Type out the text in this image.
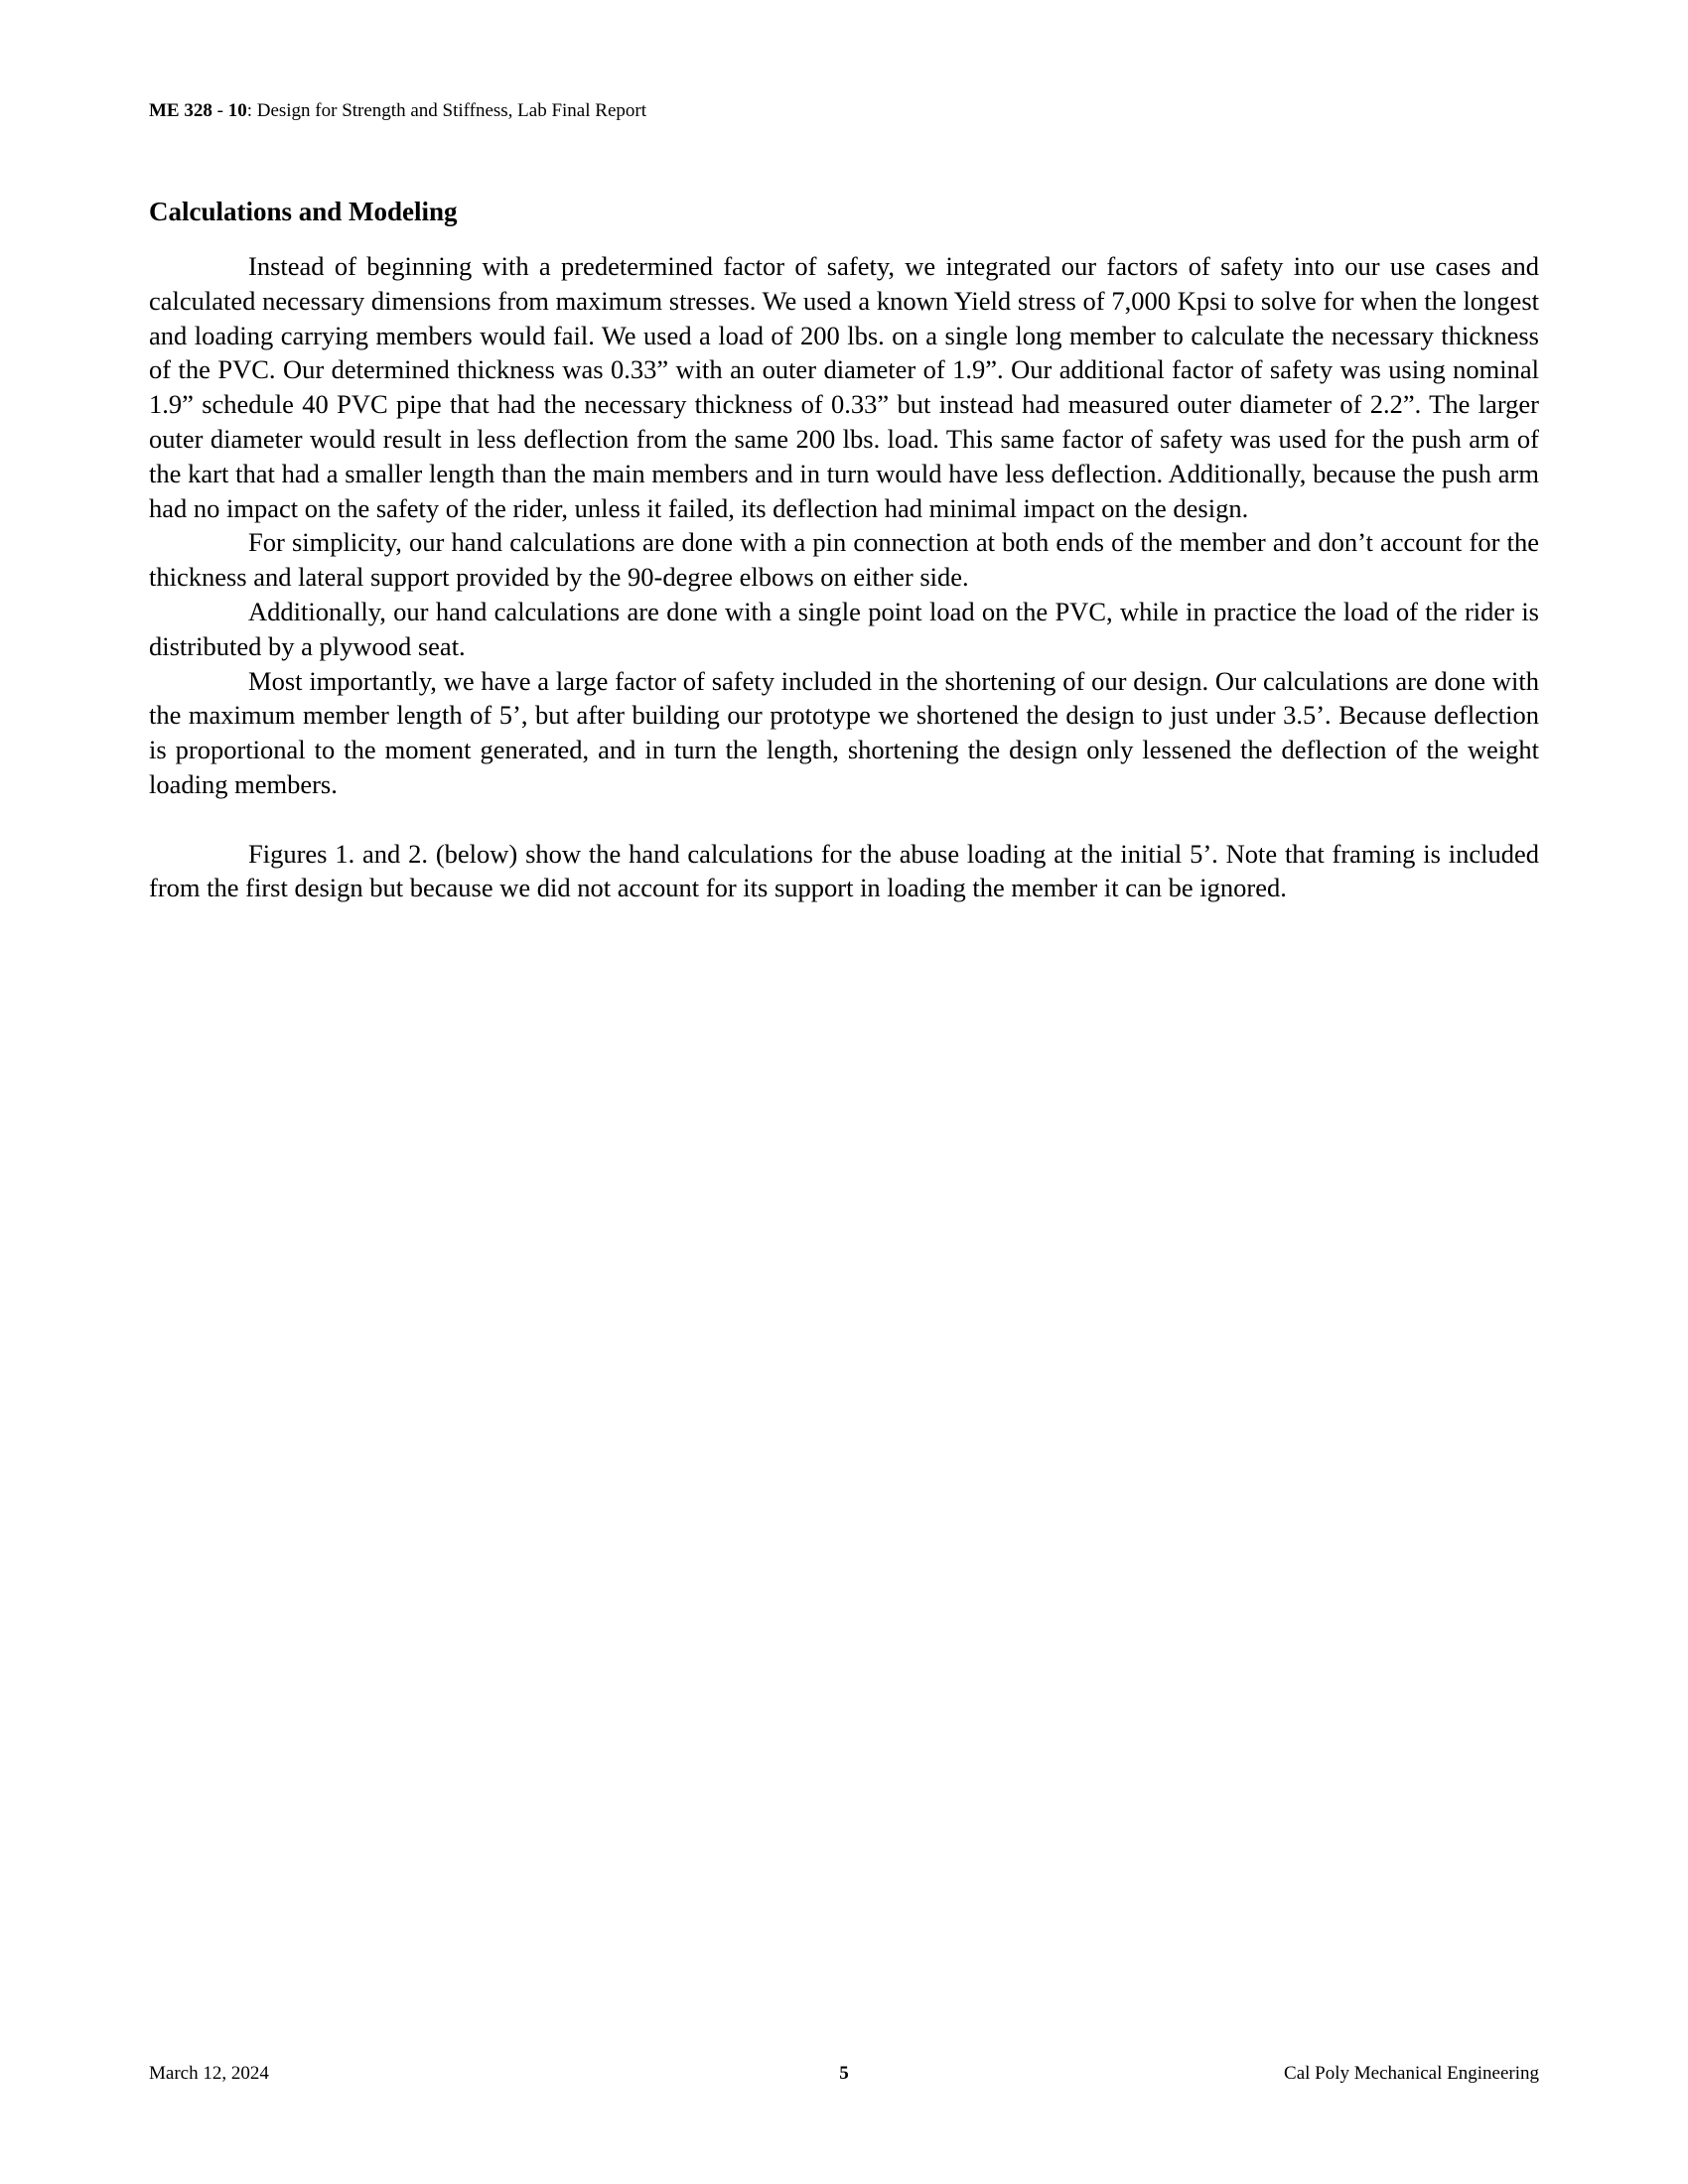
ME 328 - 10: Design for Strength and Stiffness, Lab Final Report
Calculations and Modeling

Instead of beginning with a predetermined factor of safety, we integrated our factors of safety into our use cases and calculated necessary dimensions from maximum stresses. We used a known Yield stress of 7,000 Kpsi to solve for when the longest and loading carrying members would fail. We used a load of 200 lbs. on a single long member to calculate the necessary thickness of the PVC. Our determined thickness was 0.33” with an outer diameter of 1.9”. Our additional factor of safety was using nominal 1.9” schedule 40 PVC pipe that had the necessary thickness of 0.33” but instead had measured outer diameter of 2.2”. The larger outer diameter would result in less deflection from the same 200 lbs. load. This same factor of safety was used for the push arm of the kart that had a smaller length than the main members and in turn would have less deflection. Additionally, because the push arm had no impact on the safety of the rider, unless it failed, its deflection had minimal impact on the design.

For simplicity, our hand calculations are done with a pin connection at both ends of the member and don’t account for the thickness and lateral support provided by the 90-degree elbows on either side.

Additionally, our hand calculations are done with a single point load on the PVC, while in practice the load of the rider is distributed by a plywood seat.

Most importantly, we have a large factor of safety included in the shortening of our design. Our calculations are done with the maximum member length of 5’, but after building our prototype we shortened the design to just under 3.5’. Because deflection is proportional to the moment generated, and in turn the length, shortening the design only lessened the deflection of the weight loading members.

Figures 1. and 2. (below) show the hand calculations for the abuse loading at the initial 5’. Note that framing is included from the first design but because we did not account for its support in loading the member it can be ignored.

March 12, 2024	5	Cal Poly Mechanical Engineering
